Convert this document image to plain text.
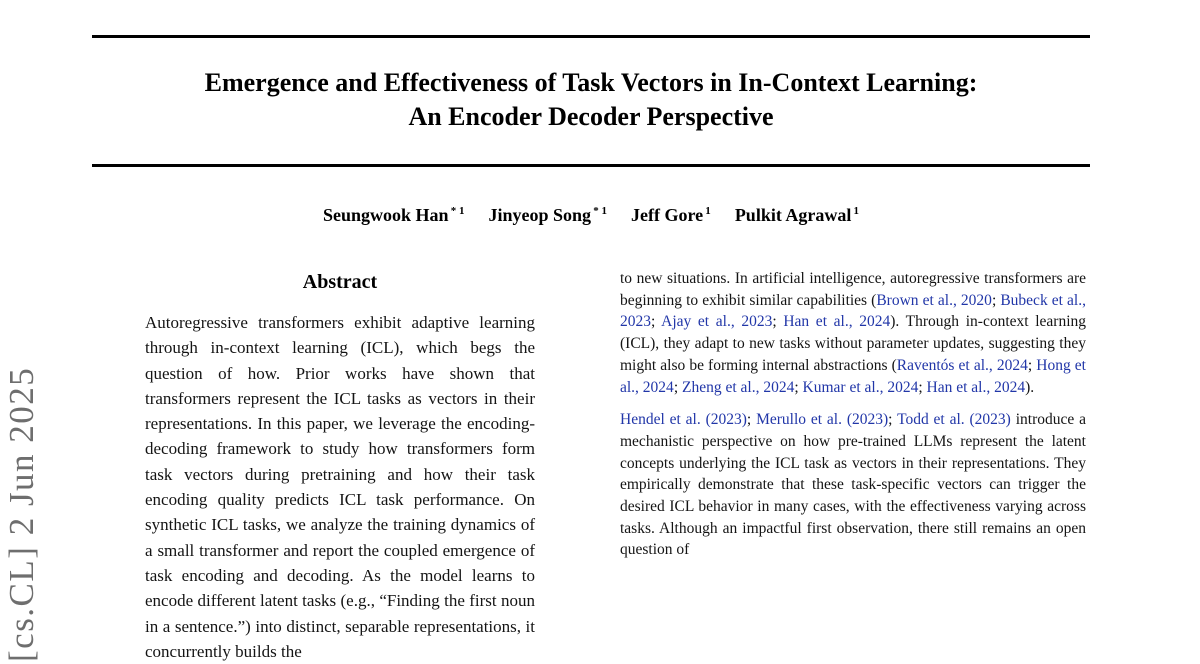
[cs.CL] 2 Jun 2025
Emergence and Effectiveness of Task Vectors in In-Context Learning:
An Encoder Decoder Perspective
Seungwook Han $^{* 1}$ Jinyeop Song $^{* 1}$ Jeff Gore $^1$ Pulkit Agrawal $^1$
Abstract

Autoregressive transformers exhibit adaptive learning through in-context learning (ICL), which begs the question of how. Prior works have shown that transformers represent the ICL tasks as vectors in their representations. In this paper, we leverage the encoding-decoding framework to study how transformers form task vectors during pretraining and how their task encoding quality predicts ICL task performance. On synthetic ICL tasks, we analyze the training dynamics of a small transformer and report the coupled emergence of task encoding and decoding. As the model learns to encode different latent tasks (e.g., “Finding the first noun in a sentence.”) into distinct, separable representations, it concurrently builds the

to new situations. In artificial intelligence, autoregressive transformers are beginning to exhibit similar capabilities (Brown et al., 2020; Bubeck et al., 2023; Ajay et al., 2023; Han et al., 2024). Through in-context learning (ICL), they adapt to new tasks without parameter updates, suggesting they might also be forming internal abstractions (Raventós et al., 2024; Hong et al., 2024; Zheng et al., 2024; Kumar et al., 2024; Han et al., 2024).

Hendel et al. (2023); Merullo et al. (2023); Todd et al. (2023) introduce a mechanistic perspective on how pre-trained LLMs represent the latent concepts underlying the ICL task as vectors in their representations. They empirically demonstrate that these task-specific vectors can trigger the desired ICL behavior in many cases, with the effectiveness varying across tasks. Although an impactful first observation, there still remains an open question of
